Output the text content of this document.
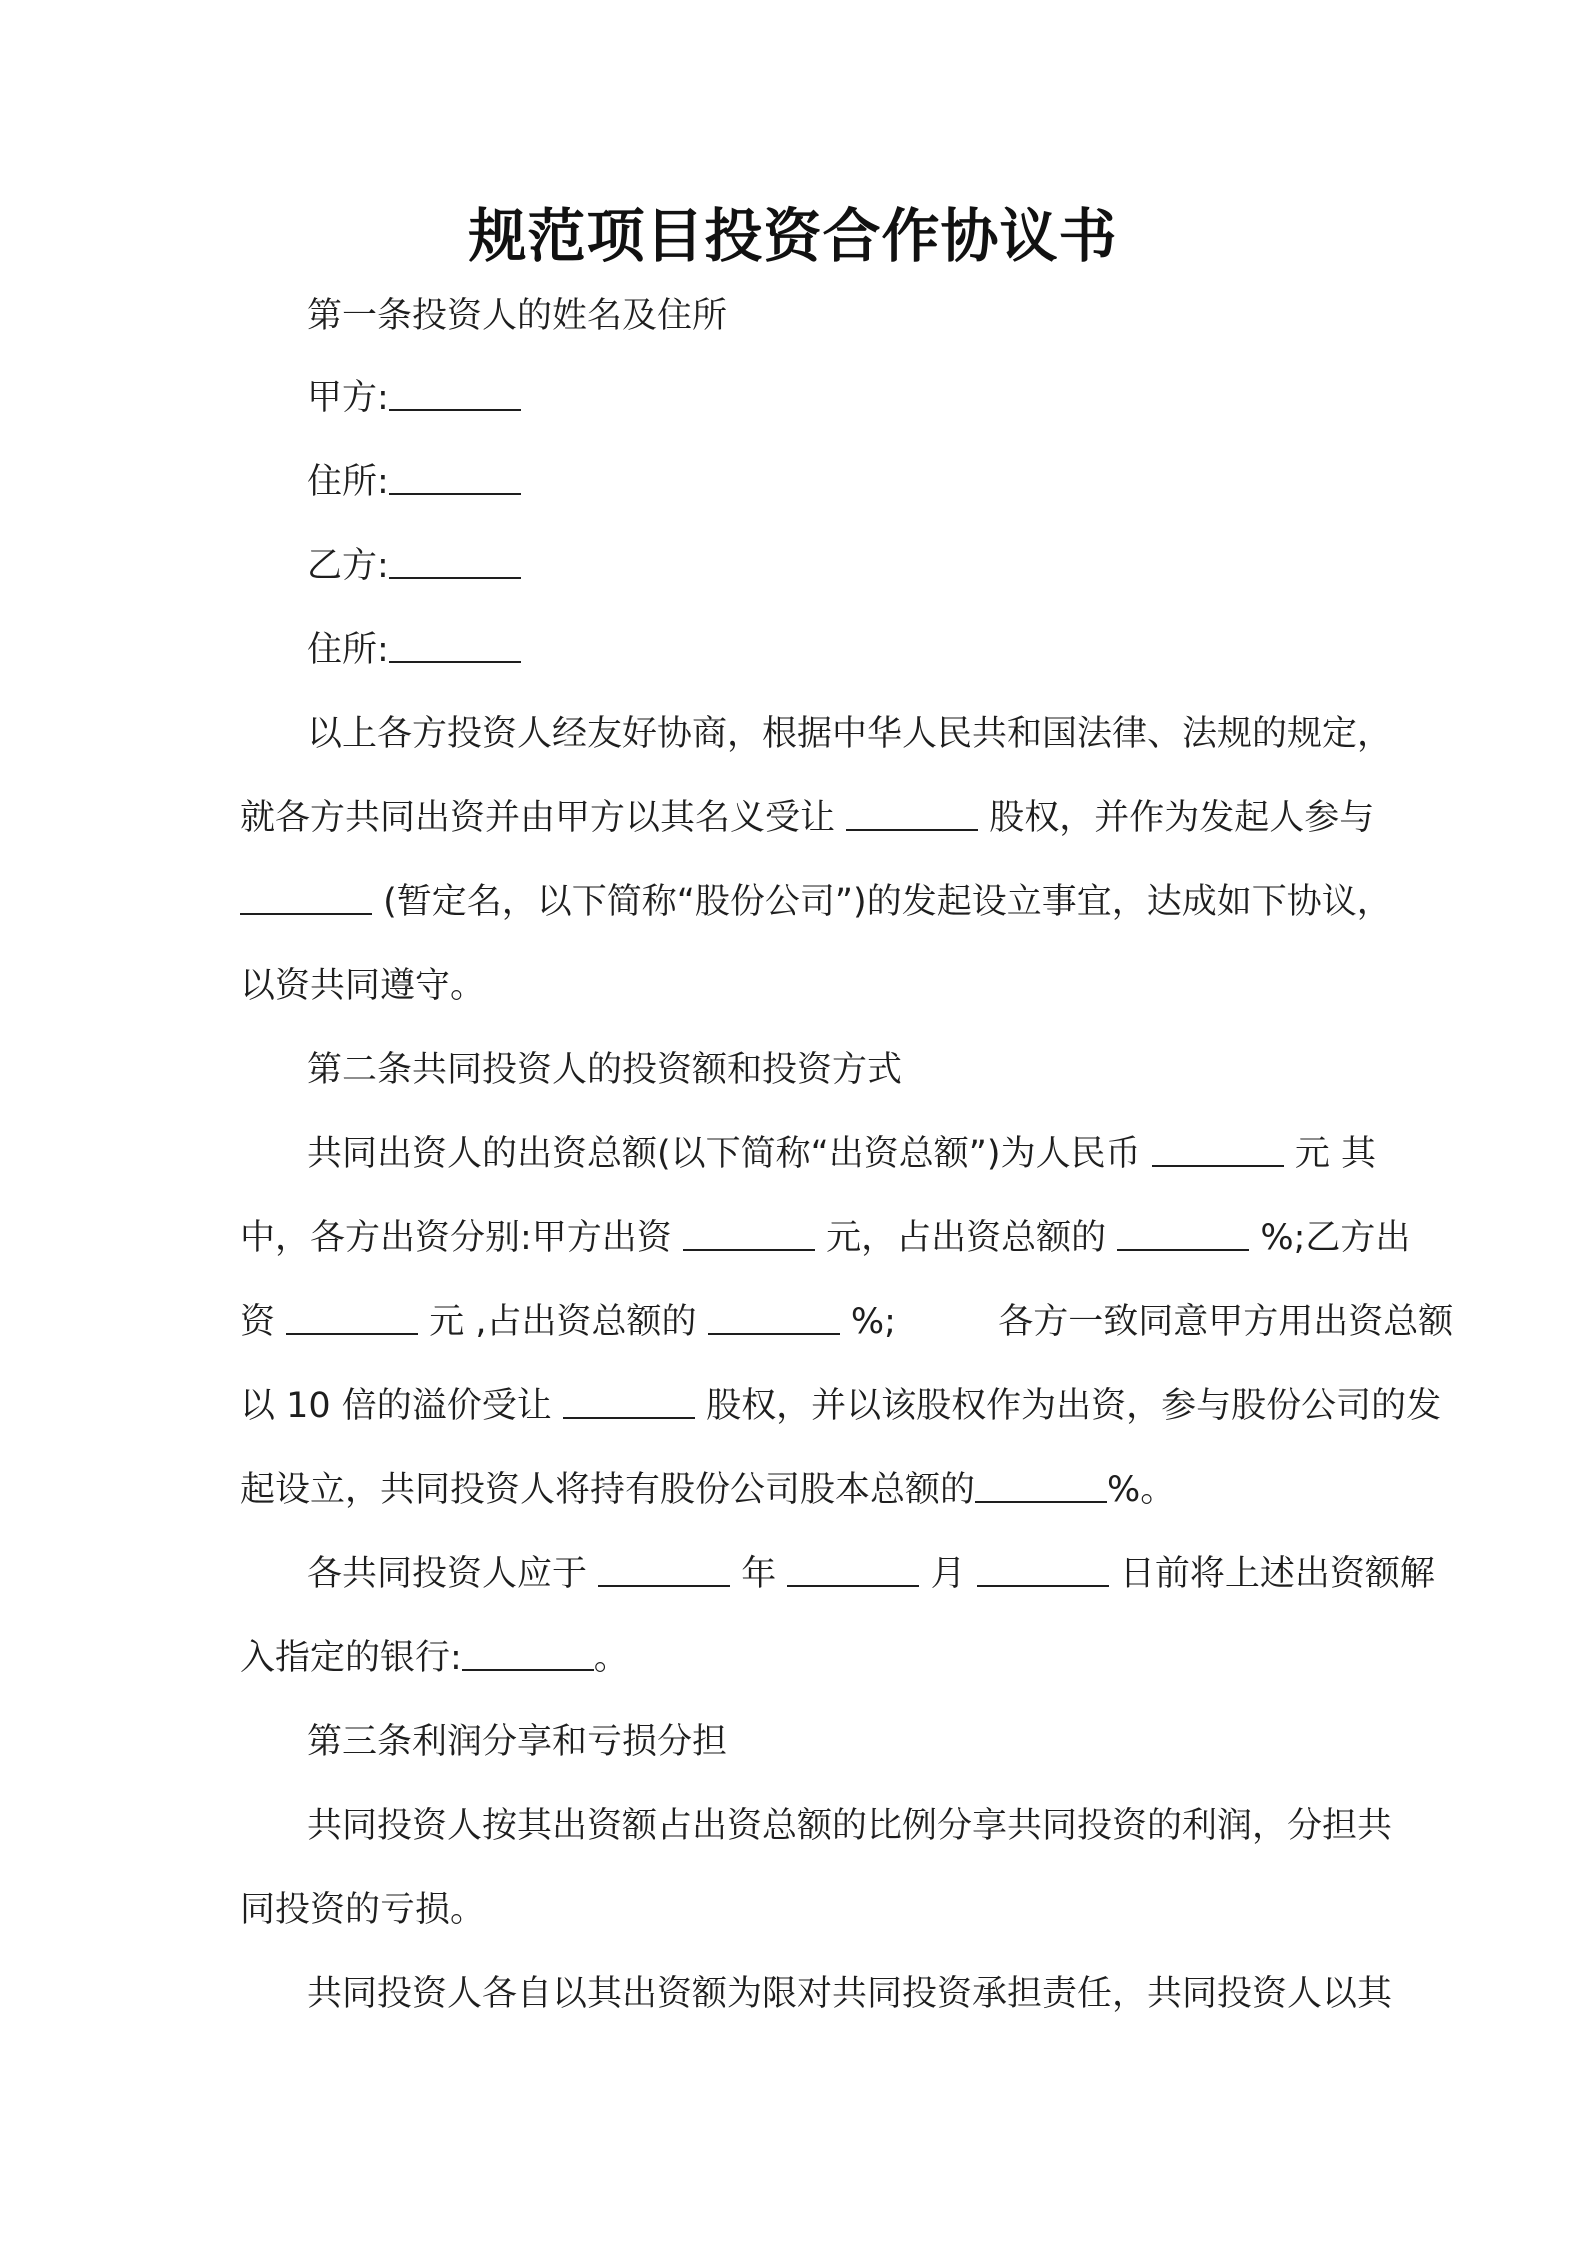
规范项目投资合作协议书
第一条投资人的姓名及住所
甲方:
住所:
乙方:
住所:
以上各方投资人经友好协商，根据中华人民共和国法律、法规的规定，
就各方共同出资并由甲方以其名义受让	股权，并作为发起人参与
(暂定名，以下简称“股份公司”)的发起设立事宜，达成如下协议，
以资共同遵守。
第二条共同投资人的投资额和投资方式
共同出资人的出资总额(以下简称“出资总额”)为人民币	元 其
中，各方出资分别:甲方出资	元，占出资总额的	%;乙方出
资	元 ,占出资总额的	%;	各方一致同意甲方用出资总额
以 10 倍的溢价受让	股权，并以该股权作为出资，参与股份公司的发
起设立，共同投资人将持有股份公司股本总额的	%。
各共同投资人应于	年	月	日前将上述出资额解
入指定的银行:	。
第三条利润分享和亏损分担
共同投资人按其出资额占出资总额的比例分享共同投资的利润，分担共
同投资的亏损。
共同投资人各自以其出资额为限对共同投资承担责任，共同投资人以其
